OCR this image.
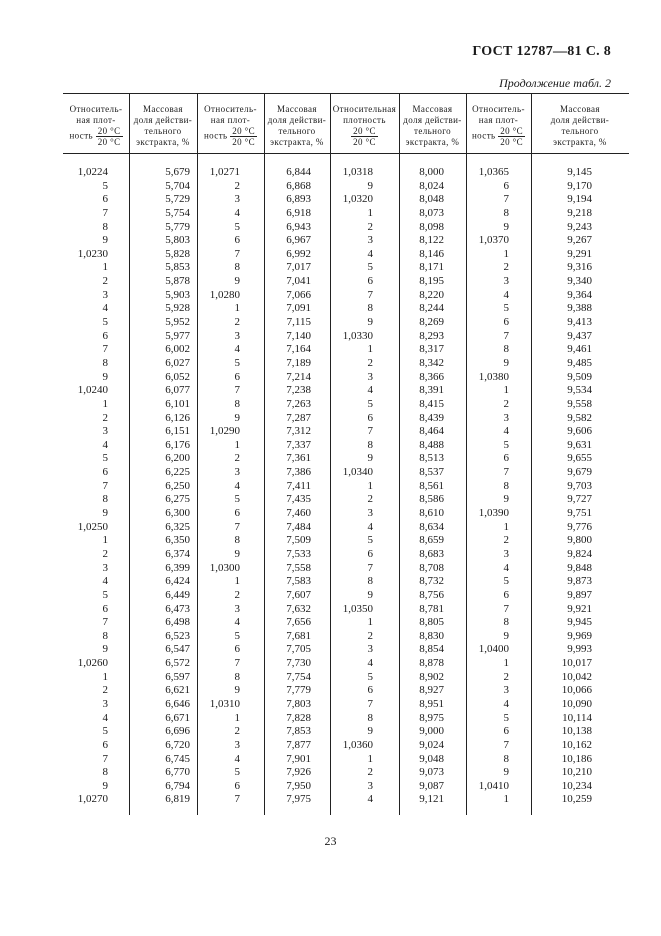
ГОСТ 12787—81 С. 8
Продолжение табл. 2
Относитель-
ная плот-
ность $\frac{20 ^\circ С}{20 ^\circ С}$
Массовая
доля действи-
тельного
экстракта, %
Относитель-
ная плот-
ность $\frac{20 ^\circ С}{20 ^\circ С}$
Массовая
доля действи-
тельного
экстракта, %
Относительная
плотность
$\frac{20 ^\circ С}{20 ^\circ С}$
Массовая
доля действи-
тельного
экстракта, %
Относитель-
ная плот-
ность $\frac{20 ^\circ С}{20 ^\circ С}$
Массовая
доля действи-
тельного
экстракта, %
1,0224
5
6
7
8
9
1,0230
1
2
3
4
5
6
7
8
9
1,0240
1
2
3
4
5
6
7
8
9
1,0250
1
2
3
4
5
6
7
8
9
1,0260
1
2
3
4
5
6
7
8
9
1,0270
5,679
5,704
5,729
5,754
5,779
5,803
5,828
5,853
5,878
5,903
5,928
5,952
5,977
6,002
6,027
6,052
6,077
6,101
6,126
6,151
6,176
6,200
6,225
6,250
6,275
6,300
6,325
6,350
6,374
6,399
6,424
6,449
6,473
6,498
6,523
6,547
6,572
6,597
6,621
6,646
6,671
6,696
6,720
6,745
6,770
6,794
6,819
1,0271
2
3
4
5
6
7
8
9
1,0280
1
2
3
4
5
6
7
8
9
1,0290
1
2
3
4
5
6
7
8
9
1,0300
1
2
3
4
5
6
7
8
9
1,0310
1
2
3
4
5
6
7
6,844
6,868
6,893
6,918
6,943
6,967
6,992
7,017
7,041
7,066
7,091
7,115
7,140
7,164
7,189
7,214
7,238
7,263
7,287
7,312
7,337
7,361
7,386
7,411
7,435
7,460
7,484
7,509
7,533
7,558
7,583
7,607
7,632
7,656
7,681
7,705
7,730
7,754
7,779
7,803
7,828
7,853
7,877
7,901
7,926
7,950
7,975
1,0318
9
1,0320
1
2
3
4
5
6
7
8
9
1,0330
1
2
3
4
5
6
7
8
9
1,0340
1
2
3
4
5
6
7
8
9
1,0350
1
2
3
4
5
6
7
8
9
1,0360
1
2
3
4
8,000
8,024
8,048
8,073
8,098
8,122
8,146
8,171
8,195
8,220
8,244
8,269
8,293
8,317
8,342
8,366
8,391
8,415
8,439
8,464
8,488
8,513
8,537
8,561
8,586
8,610
8,634
8,659
8,683
8,708
8,732
8,756
8,781
8,805
8,830
8,854
8,878
8,902
8,927
8,951
8,975
9,000
9,024
9,048
9,073
9,087
9,121
1,0365
6
7
8
9
1,0370
1
2
3
4
5
6
7
8
9
1,0380
1
2
3
4
5
6
7
8
9
1,0390
1
2
3
4
5
6
7
8
9
1,0400
1
2
3
4
5
6
7
8
9
1,0410
1
9,145
9,170
9,194
9,218
9,243
9,267
9,291
9,316
9,340
9,364
9,388
9,413
9,437
9,461
9,485
9,509
9,534
9,558
9,582
9,606
9,631
9,655
9,679
9,703
9,727
9,751
9,776
9,800
9,824
9,848
9,873
9,897
9,921
9,945
9,969
9,993
10,017
10,042
10,066
10,090
10,114
10,138
10,162
10,186
10,210
10,234
10,259
23
